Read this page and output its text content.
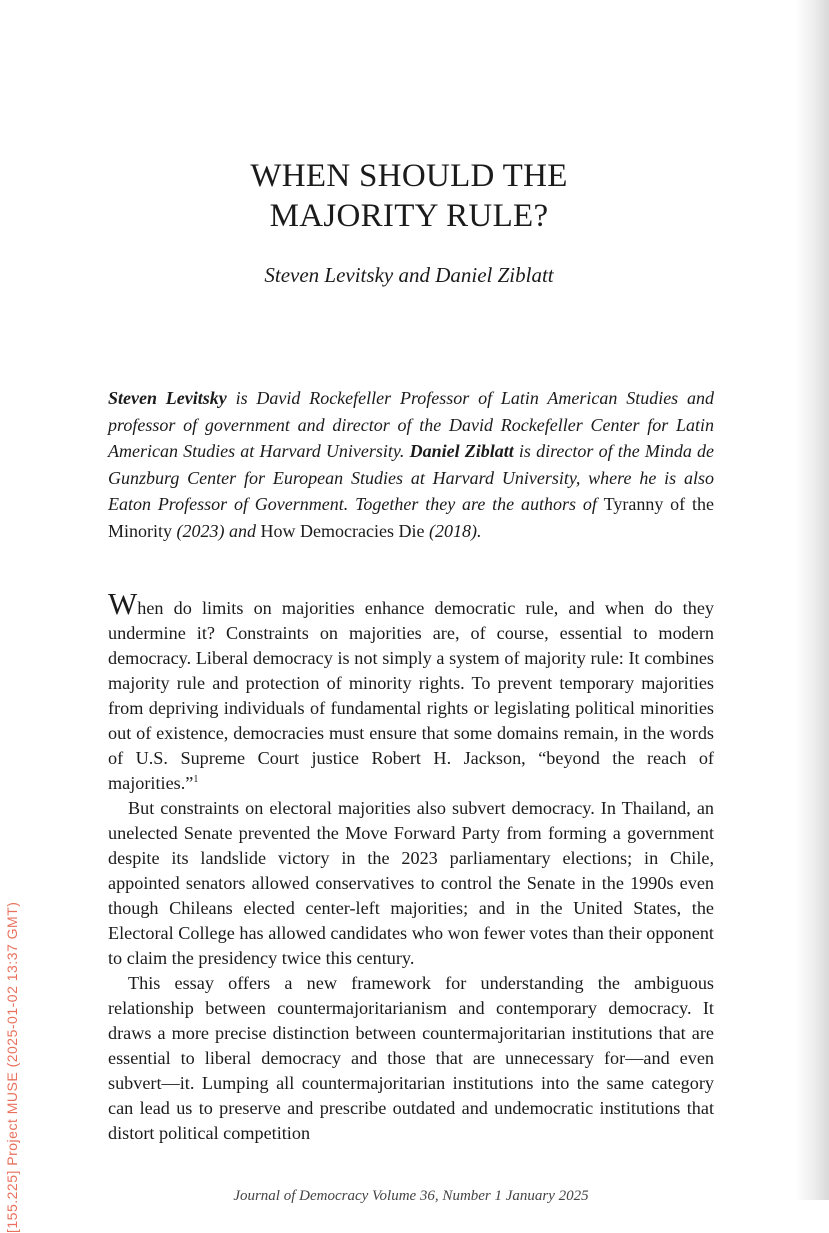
[155.225] Project MUSE (2025-01-02 13:37 GMT)
WHEN SHOULD THE
MAJORITY RULE?
Steven Levitsky and Daniel Ziblatt

Steven Levitsky is David Rockefeller Professor of Latin American Studies and professor of government and director of the David Rockefeller Center for Latin American Studies at Harvard University. Daniel Ziblatt is director of the Minda de Gunzburg Center for European Studies at Harvard University, where he is also Eaton Professor of Government. Together they are the authors of Tyranny of the Minority (2023) and How Democracies Die (2018).

When do limits on majorities enhance democratic rule, and when do they undermine it? Constraints on majorities are, of course, essential to modern democracy. Liberal democracy is not simply a system of majority rule: It combines majority rule and protection of minority rights. To prevent temporary majorities from depriving individuals of fundamental rights or legislating political minorities out of existence, democracies must ensure that some domains remain, in the words of U.S. Supreme Court justice Robert H. Jackson, “beyond the reach of majorities.”$^1$

But constraints on electoral majorities also subvert democracy. In Thailand, an unelected Senate prevented the Move Forward Party from forming a government despite its landslide victory in the 2023 parliamentary elections; in Chile, appointed senators allowed conservatives to control the Senate in the 1990s even though Chileans elected center-left majorities; and in the United States, the Electoral College has allowed candidates who won fewer votes than their opponent to claim the presidency twice this century.

This essay offers a new framework for understanding the ambiguous relationship between countermajoritarianism and contemporary democracy. It draws a more precise distinction between countermajoritarian institutions that are essential to liberal democracy and those that are unnecessary for—and even subvert—it. Lumping all countermajoritarian institutions into the same category can lead us to preserve and prescribe outdated and undemocratic institutions that distort political competition

Journal of Democracy Volume 36, Number 1 January 2025
